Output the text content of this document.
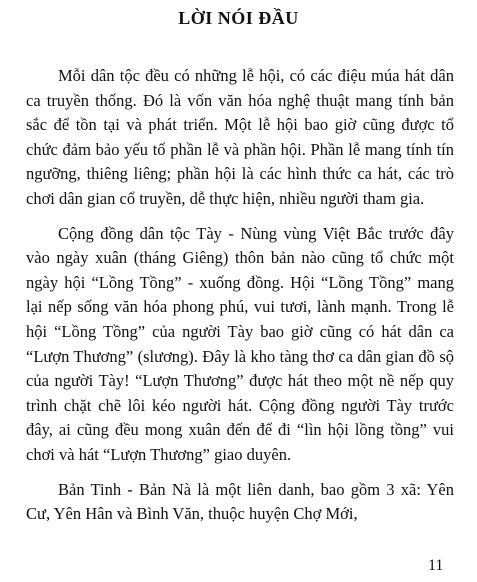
LỜI NÓI ĐẦU

Mỗi dân tộc đều có những lễ hội, có các điệu múa hát dân ca truyền thống. Đó là vốn văn hóa nghệ thuật mang tính bản sắc để tồn tại và phát triển. Một lễ hội bao giờ cũng được tổ chức đảm bảo yếu tố phần lễ và phần hội. Phần lễ mang tính tín ngưỡng, thiêng liêng; phần hội là các hình thức ca hát, các trò chơi dân gian cổ truyền, dễ thực hiện, nhiều người tham gia.

Cộng đồng dân tộc Tày - Nùng vùng Việt Bắc trước đây vào ngày xuân (tháng Giêng) thôn bản nào cũng tổ chức một ngày hội “Lồng Tồng” - xuống đồng. Hội “Lồng Tồng” mang lại nếp sống văn hóa phong phú, vui tươi, lành mạnh. Trong lễ hội “Lồng Tồng” của người Tày bao giờ cũng có hát dân ca “Lượn Thương” (slương). Đây là kho tàng thơ ca dân gian đồ sộ của người Tày! “Lượn Thương” được hát theo một nề nếp quy trình chặt chẽ lôi kéo người hát. Cộng đồng người Tày trước đây, ai cũng đều mong xuân đến để đi “lìn hội lồng tồng” vui chơi và hát “Lượn Thương” giao duyên.

Bản Tinh - Bản Nà là một liên danh, bao gồm 3 xã: Yên Cư, Yên Hân và Bình Văn, thuộc huyện Chợ Mới,

11
